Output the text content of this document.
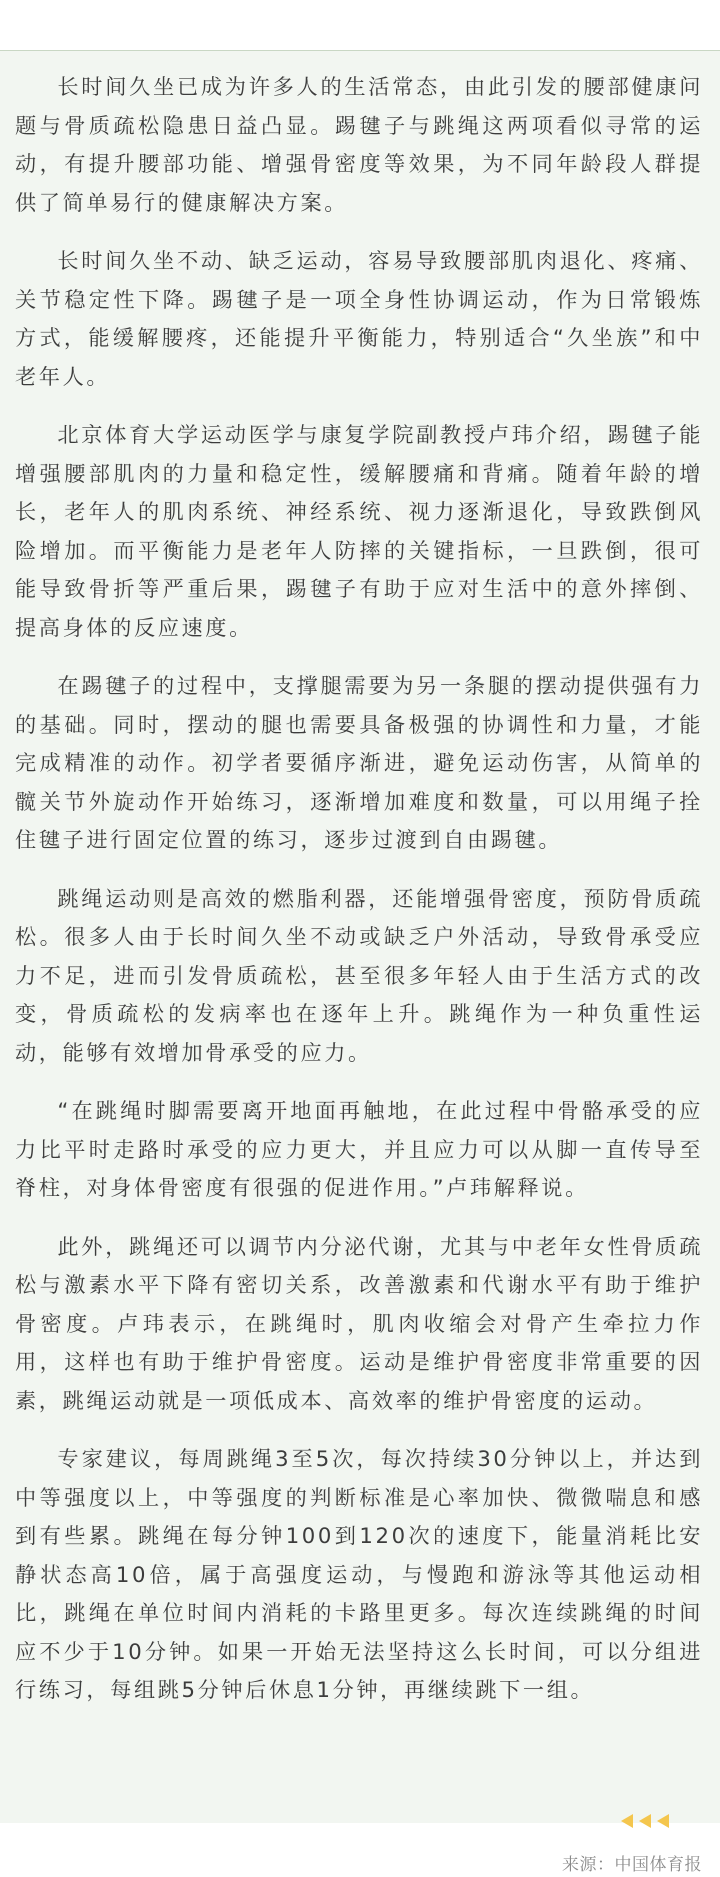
长时间久坐已成为许多人的生活常态，由此引发的腰部健康问题与骨质疏松隐患日益凸显。踢毽子与跳绳这两项看似寻常的运动，有提升腰部功能、增强骨密度等效果，为不同年龄段人群提供了简单易行的健康解决方案。

长时间久坐不动、缺乏运动，容易导致腰部肌肉退化、疼痛、关节稳定性下降。踢毽子是一项全身性协调运动，作为日常锻炼方式，能缓解腰疼，还能提升平衡能力，特别适合“久坐族”和中老年人。

北京体育大学运动医学与康复学院副教授卢玮介绍，踢毽子能增强腰部肌肉的力量和稳定性，缓解腰痛和背痛。随着年龄的增长，老年人的肌肉系统、神经系统、视力逐渐退化，导致跌倒风险增加。而平衡能力是老年人防摔的关键指标，一旦跌倒，很可能导致骨折等严重后果，踢毽子有助于应对生活中的意外摔倒、提高身体的反应速度。

在踢毽子的过程中，支撑腿需要为另一条腿的摆动提供强有力的基础。同时，摆动的腿也需要具备极强的协调性和力量，才能完成精准的动作。初学者要循序渐进，避免运动伤害，从简单的髋关节外旋动作开始练习，逐渐增加难度和数量，可以用绳子拴住毽子进行固定位置的练习，逐步过渡到自由踢毽。

跳绳运动则是高效的燃脂利器，还能增强骨密度，预防骨质疏松。很多人由于长时间久坐不动或缺乏户外活动，导致骨承受应力不足，进而引发骨质疏松，甚至很多年轻人由于生活方式的改变，骨质疏松的发病率也在逐年上升。跳绳作为一种负重性运动，能够有效增加骨承受的应力。

“在跳绳时脚需要离开地面再触地，在此过程中骨骼承受的应力比平时走路时承受的应力更大，并且应力可以从脚一直传导至脊柱，对身体骨密度有很强的促进作用。”卢玮解释说。

此外，跳绳还可以调节内分泌代谢，尤其与中老年女性骨质疏松与激素水平下降有密切关系，改善激素和代谢水平有助于维护骨密度。卢玮表示，在跳绳时，肌肉收缩会对骨产生牵拉力作用，这样也有助于维护骨密度。运动是维护骨密度非常重要的因素，跳绳运动就是一项低成本、高效率的维护骨密度的运动。

专家建议，每周跳绳3至5次，每次持续30分钟以上，并达到中等强度以上，中等强度的判断标准是心率加快、微微喘息和感到有些累。跳绳在每分钟100到120次的速度下，能量消耗比安静状态高10倍，属于高强度运动，与慢跑和游泳等其他运动相比，跳绳在单位时间内消耗的卡路里更多。每次连续跳绳的时间应不少于10分钟。如果一开始无法坚持这么长时间，可以分组进行练习，每组跳5分钟后休息1分钟，再继续跳下一组。

来源：中国体育报
